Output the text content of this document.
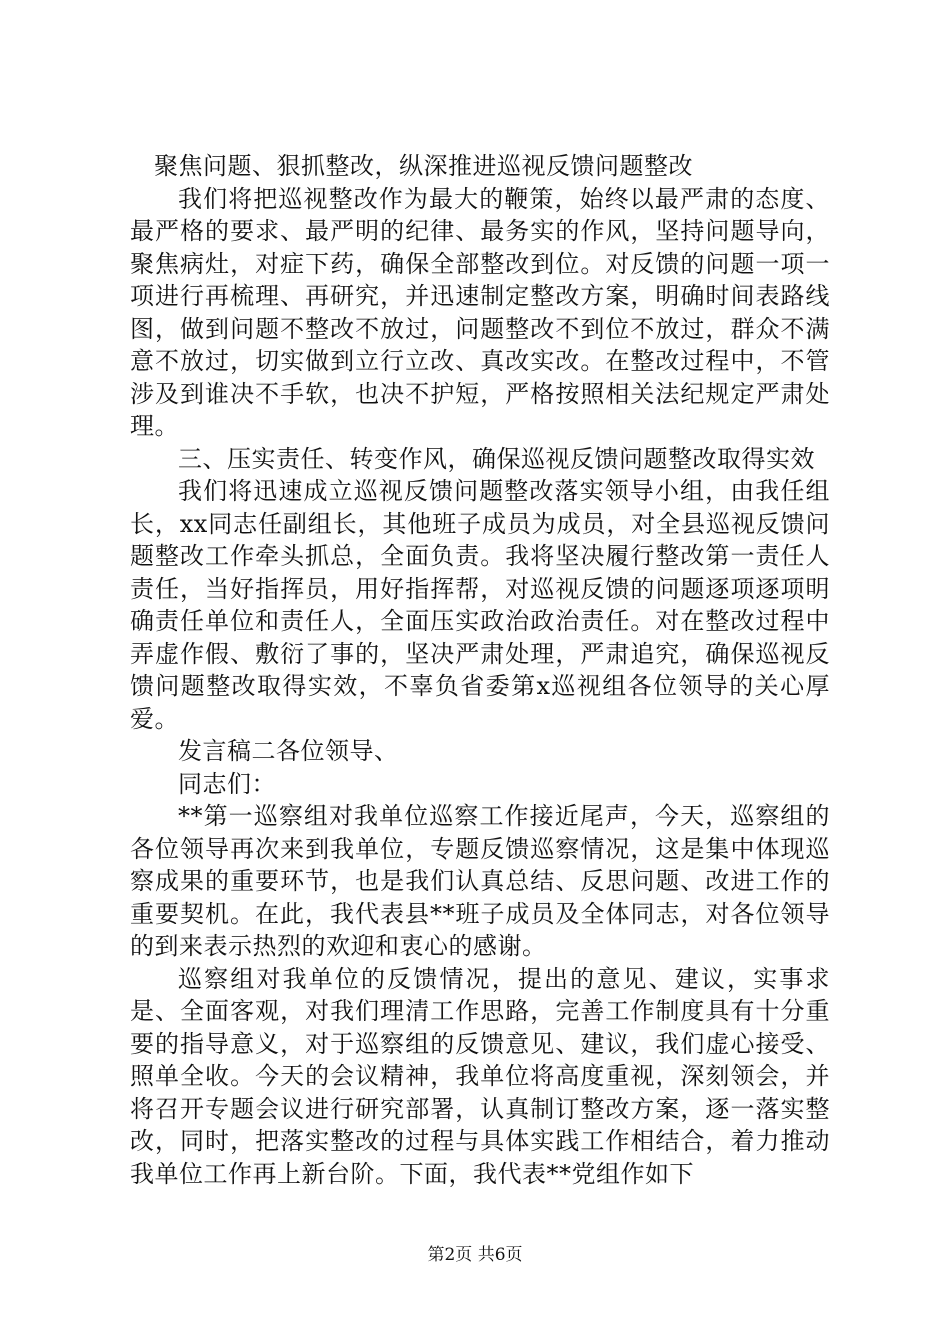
聚焦问题、狠抓整改，纵深推进巡视反馈问题整改

我们将把巡视整改作为最大的鞭策，始终以最严肃的态度、最严格的要求、最严明的纪律、最务实的作风，坚持问题导向，聚焦病灶，对症下药，确保全部整改到位。对反馈的问题一项一项进行再梳理、再研究，并迅速制定整改方案，明确时间表路线图，做到问题不整改不放过，问题整改不到位不放过，群众不满意不放过，切实做到立行立改、真改实改。在整改过程中，不管涉及到谁决不手软，也决不护短，严格按照相关法纪规定严肃处理。

三、压实责任、转变作风，确保巡视反馈问题整改取得实效

我们将迅速成立巡视反馈问题整改落实领导小组，由我任组长，xx同志任副组长，其他班子成员为成员，对全县巡视反馈问题整改工作牵头抓总，全面负责。我将坚决履行整改第一责任人责任，当好指挥员，用好指挥帮，对巡视反馈的问题逐项逐项明确责任单位和责任人，全面压实政治政治责任。对在整改过程中弄虚作假、敷衍了事的，坚决严肃处理，严肃追究，确保巡视反馈问题整改取得实效，不辜负省委第x巡视组各位领导的关心厚爱。

发言稿二各位领导、

同志们：

**第一巡察组对我单位巡察工作接近尾声，今天，巡察组的各位领导再次来到我单位，专题反馈巡察情况，这是集中体现巡察成果的重要环节，也是我们认真总结、反思问题、改进工作的重要契机。在此，我代表县**班子成员及全体同志，对各位领导的到来表示热烈的欢迎和衷心的感谢。

巡察组对我单位的反馈情况，提出的意见、建议，实事求是、全面客观，对我们理清工作思路，完善工作制度具有十分重要的指导意义，对于巡察组的反馈意见、建议，我们虚心接受、照单全收。今天的会议精神，我单位将高度重视，深刻领会，并将召开专题会议进行研究部署，认真制订整改方案，逐一落实整改，同时，把落实整改的过程与具体实践工作相结合，着力推动我单位工作再上新台阶。下面，我代表**党组作如下

第2页 共6页
